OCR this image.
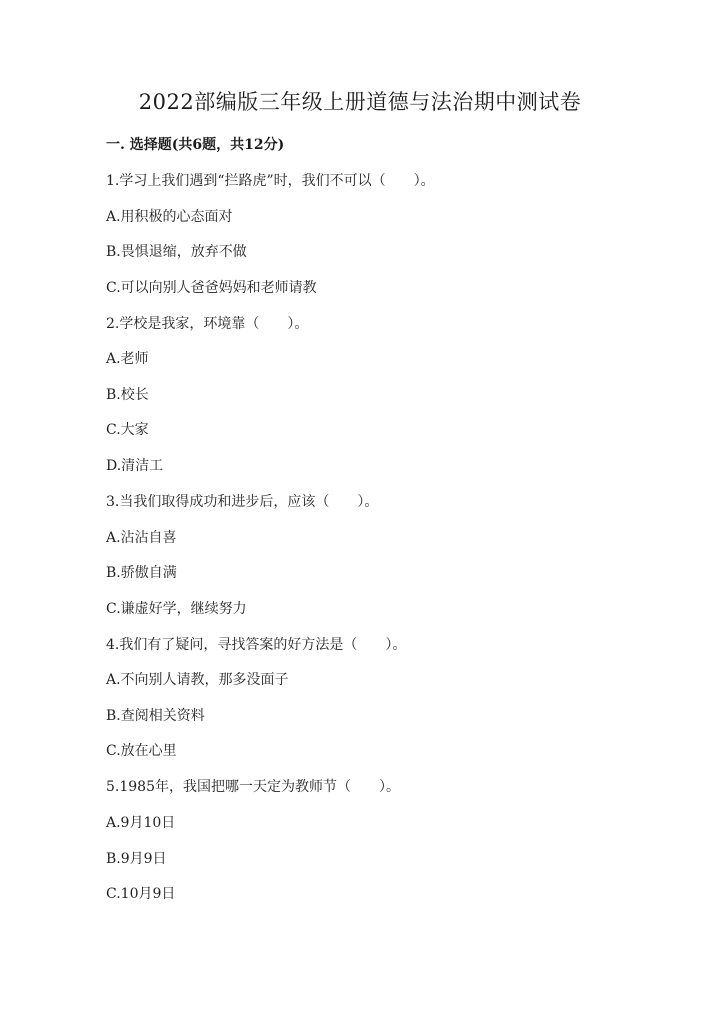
2022部编版三年级上册道德与法治期中测试卷
一. 选择题(共6题，共12分)
1.学习上我们遇到“拦路虎”时，我们不可以（　　）。
A.用积极的心态面对
B.畏惧退缩，放弃不做
C.可以向别人爸爸妈妈和老师请教
2.学校是我家，环境靠（　　）。
A.老师
B.校长
C.大家
D.清洁工
3.当我们取得成功和进步后，应该（　　）。
A.沾沾自喜
B.骄傲自满
C.谦虚好学，继续努力
4.我们有了疑问，寻找答案的好方法是（　　）。
A.不向别人请教，那多没面子
B.查阅相关资料
C.放在心里
5.1985年，我国把哪一天定为教师节（　　）。
A.9月10日
B.9月9日
C.10月9日
